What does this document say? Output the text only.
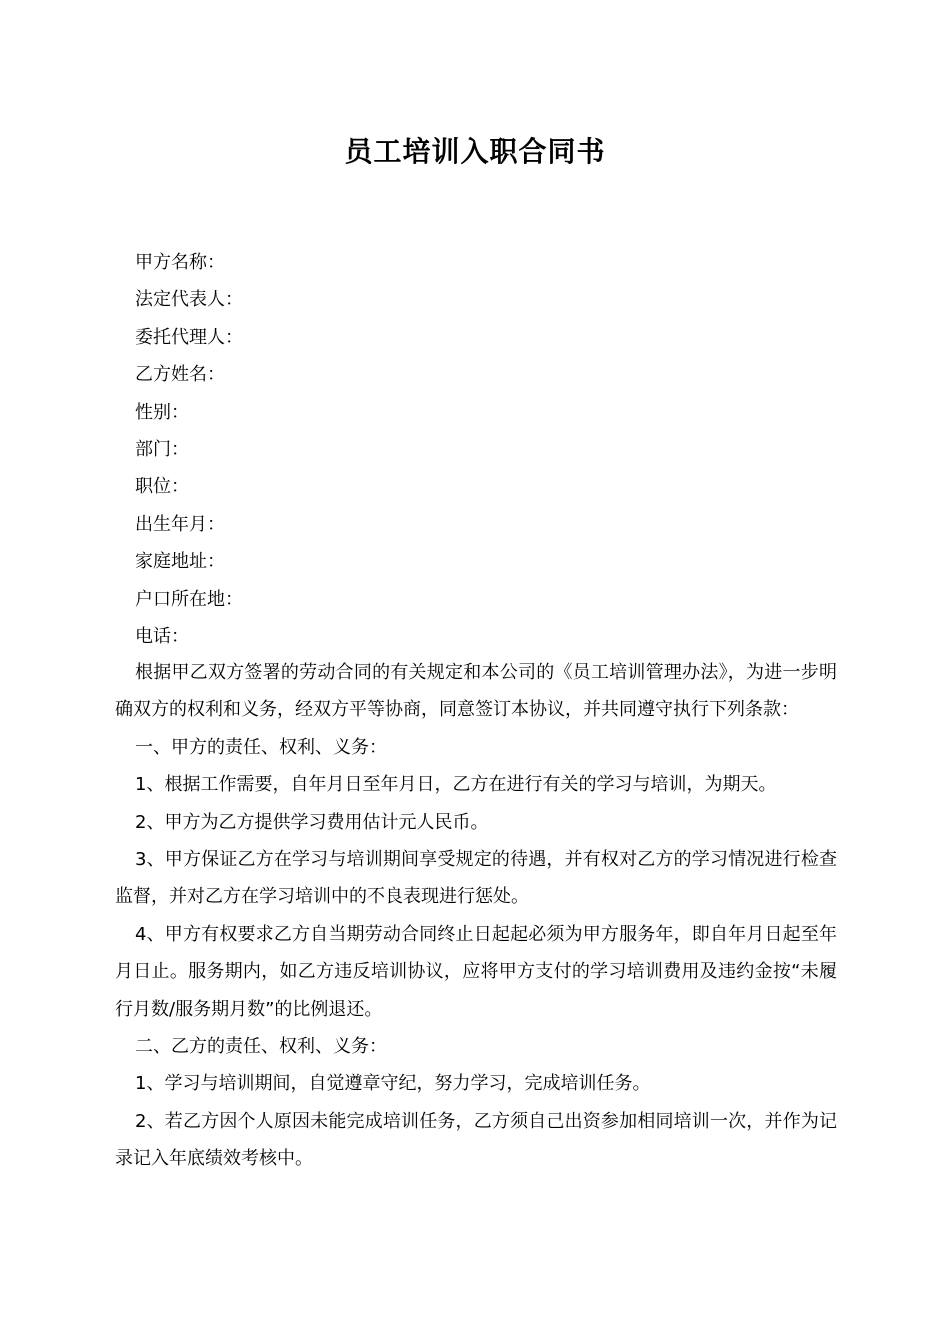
员工培训入职合同书
甲方名称：
法定代表人：
委托代理人：
乙方姓名：
性别：
部门：
职位：
出生年月：
家庭地址：
户口所在地：
电话：

根据甲乙双方签署的劳动合同的有关规定和本公司的《员工培训管理办法》，为进一步明确双方的权利和义务，经双方平等协商，同意签订本协议，并共同遵守执行下列条款：

一、甲方的责任、权利、义务：

1、根据工作需要，自年月日至年月日，乙方在进行有关的学习与培训，为期天。

2、甲方为乙方提供学习费用估计元人民币。

3、甲方保证乙方在学习与培训期间享受规定的待遇，并有权对乙方的学习情况进行检查监督，并对乙方在学习培训中的不良表现进行惩处。

4、甲方有权要求乙方自当期劳动合同终止日起起必须为甲方服务年，即自年月日起至年月日止。服务期内，如乙方违反培训协议，应将甲方支付的学习培训费用及违约金按“未履行月数/服务期月数”的比例退还。

二、乙方的责任、权利、义务：

1、学习与培训期间，自觉遵章守纪，努力学习，完成培训任务。

2、若乙方因个人原因未能完成培训任务，乙方须自己出资参加相同培训一次，并作为记录记入年底绩效考核中。
